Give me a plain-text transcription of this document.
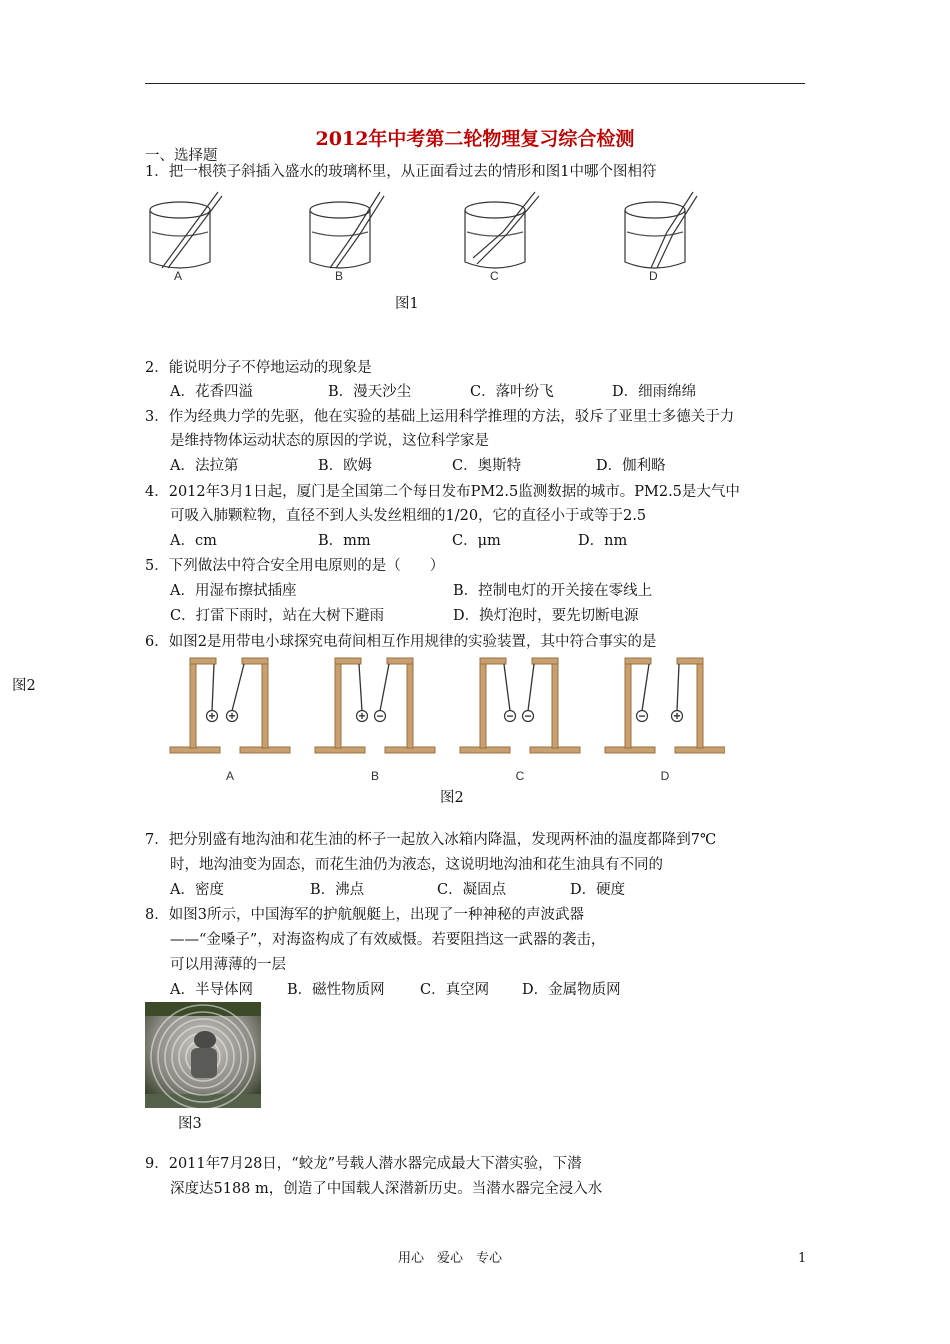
2012年中考第二轮物理复习综合检测
一、选择题
1．把一根筷子斜插入盛水的玻璃杯里，从正面看过去的情形和图1中哪个图相符
A	B	C	D
图1
2．能说明分子不停地运动的现象是
A．花香四溢	B．漫天沙尘	C．落叶纷飞	D．细雨绵绵
3．作为经典力学的先驱，他在实验的基础上运用科学推理的方法，驳斥了亚里士多德关于力
是维持物体运动状态的原因的学说，这位科学家是
A．法拉第	B．欧姆	C．奥斯特	D．伽利略
4．2012年3月1日起，厦门是全国第二个每日发布PM2.5监测数据的城市。PM2.5是大气中
可吸入肺颗粒物，直径不到人头发丝粗细的1/20，它的直径小于或等于2.5
A．cm	B．mm	C．μm	D．nm
5．下列做法中符合安全用电原则的是（　　）
A．用湿布擦拭插座	B．控制电灯的开关接在零线上
C．打雷下雨时，站在大树下避雨	D．换灯泡时，要先切断电源
6．如图2是用带电小球探究电荷间相互作用规律的实验装置，其中符合事实的是
图2
+ +
A
+ −
B
− −
C
− +
D
图2
7．把分别盛有地沟油和花生油的杯子一起放入冰箱内降温，发现两杯油的温度都降到7℃
时，地沟油变为固态，而花生油仍为液态，这说明地沟油和花生油具有不同的
A．密度	B．沸点	C．凝固点	D．硬度
8．如图3所示，中国海军的护航舰艇上，出现了一种神秘的声波武器
——“金嗓子”，对海盗构成了有效威慑。若要阻挡这一武器的袭击，
可以用薄薄的一层
A．半导体网 B．磁性物质网 C．真空网 D．金属物质网
图3
9．2011年7月28日，“蛟龙”号载人潜水器完成最大下潜实验，下潜
深度达5188 m，创造了中国载人深潜新历史。当潜水器完全浸入水
用心　爱心　专心	1
